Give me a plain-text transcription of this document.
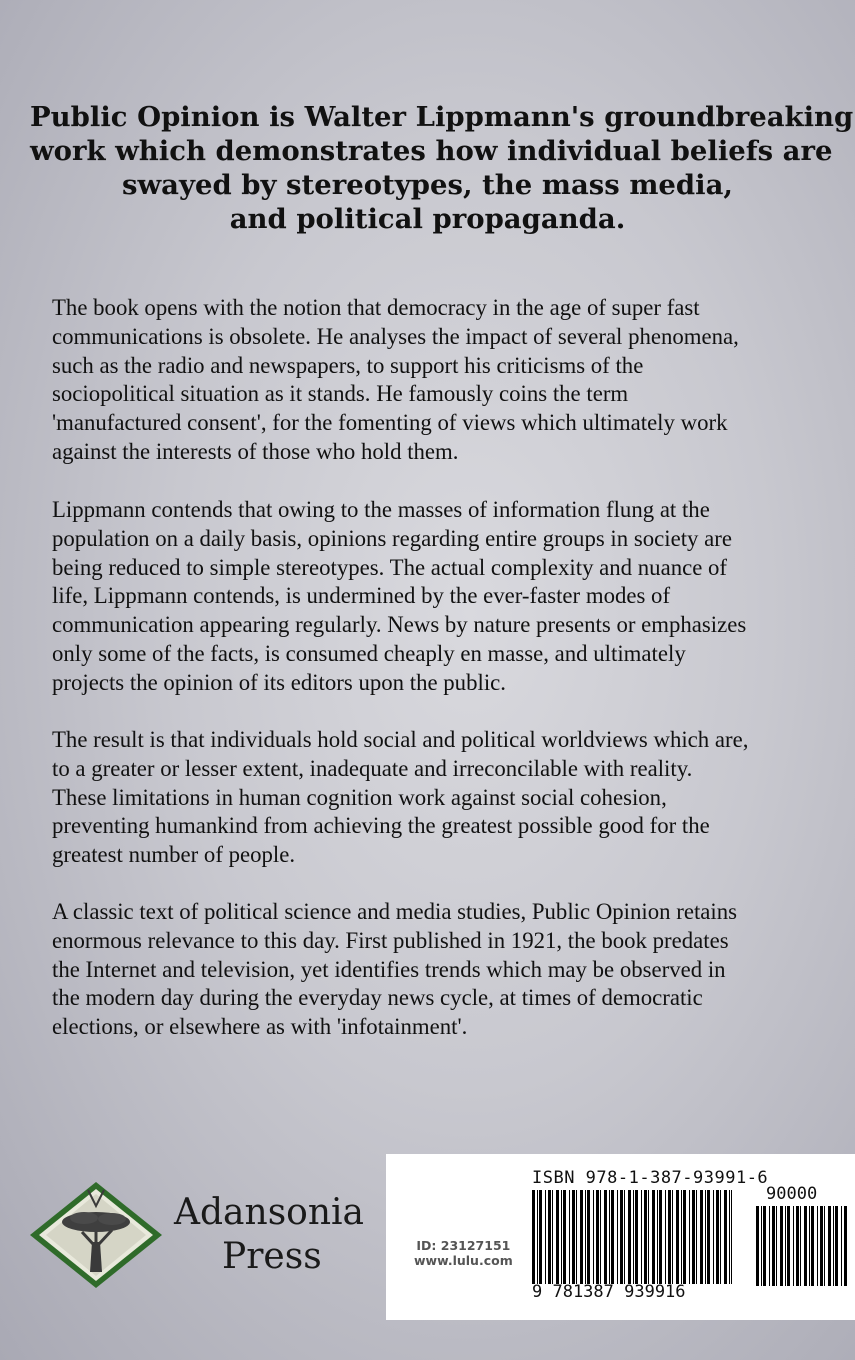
Public Opinion is Walter Lippmann's groundbreaking
work which demonstrates how individual beliefs are
swayed by stereotypes, the mass media,
and political propaganda.
The book opens with the notion that democracy in the age of super fast
communications is obsolete. He analyses the impact of several phenomena,
such as the radio and newspapers, to support his criticisms of the
sociopolitical situation as it stands. He famously coins the term
'manufactured consent', for the fomenting of views which ultimately work
against the interests of those who hold them.
Lippmann contends that owing to the masses of information flung at the
population on a daily basis, opinions regarding entire groups in society are
being reduced to simple stereotypes. The actual complexity and nuance of
life, Lippmann contends, is undermined by the ever-faster modes of
communication appearing regularly. News by nature presents or emphasizes
only some of the facts, is consumed cheaply en masse, and ultimately
projects the opinion of its editors upon the public.
The result is that individuals hold social and political worldviews which are,
to a greater or lesser extent, inadequate and irreconcilable with reality.
These limitations in human cognition work against social cohesion,
preventing humankind from achieving the greatest possible good for the
greatest number of people.
A classic text of political science and media studies, Public Opinion retains
enormous relevance to this day. First published in 1921, the book predates
the Internet and television, yet identifies trends which may be observed in
the modern day during the everyday news cycle, at times of democratic
elections, or elsewhere as with 'infotainment'.
Adansonia
Press
ISBN 978-1-387-93991-6
90000
ID: 23127151
www.lulu.com
9 781387 939916
